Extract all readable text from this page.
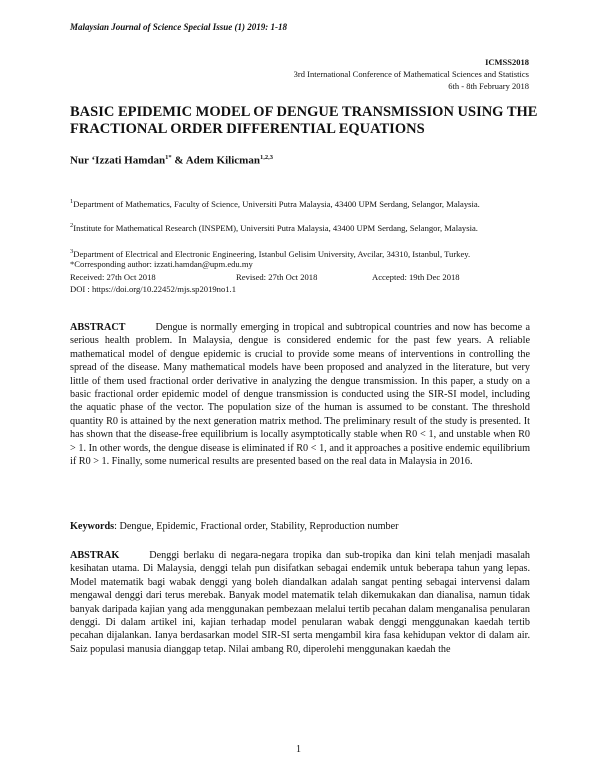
Malaysian Journal of Science Special Issue (1) 2019: 1-18
ICMSS2018
3rd International Conference of Mathematical Sciences and Statistics
6th - 8th February 2018
BASIC EPIDEMIC MODEL OF DENGUE TRANSMISSION USING THE FRACTIONAL ORDER DIFFERENTIAL EQUATIONS
Nur ‘Izzati Hamdan$^{1*}$ & Adem Kilicman$^{1,2,3}$
$^1$Department of Mathematics, Faculty of Science, Universiti Putra Malaysia, 43400 UPM Serdang, Selangor, Malaysia.
$^2$Institute for Mathematical Research (INSPEM), Universiti Putra Malaysia, 43400 UPM Serdang, Selangor, Malaysia.
$^3$Department of Electrical and Electronic Engineering, Istanbul Gelisim University, Avcilar, 34310, Istanbul, Turkey.
*Corresponding author: izzati.hamdan@upm.edu.my
Received: 27th Oct 2018	Revised: 27th Oct 2018	Accepted: 19th Dec 2018
DOI : https://doi.org/10.22452/mjs.sp2019no1.1
ABSTRACT	Dengue is normally emerging in tropical and subtropical countries and now has become a serious health problem. In Malaysia, dengue is considered endemic for the past few years. A reliable mathematical model of dengue epidemic is crucial to provide some means of interventions in controlling the spread of the disease. Many mathematical models have been proposed and analyzed in the literature, but very little of them used fractional order derivative in analyzing the dengue transmission. In this paper, a study on a basic fractional order epidemic model of dengue transmission is conducted using the SIR-SI model, including the aquatic phase of the vector. The population size of the human is assumed to be constant. The threshold quantity R0 is attained by the next generation matrix method. The preliminary result of the study is presented. It has shown that the disease-free equilibrium is locally asymptotically stable when R0 < 1, and unstable when R0 > 1. In other words, the dengue disease is eliminated if R0 < 1, and it approaches a positive endemic equilibrium if R0 > 1. Finally, some numerical results are presented based on the real data in Malaysia in 2016.
Keywords: Dengue, Epidemic, Fractional order, Stability, Reproduction number
ABSTRAK	Denggi berlaku di negara-negara tropika dan sub-tropika dan kini telah menjadi masalah kesihatan utama. Di Malaysia, denggi telah pun disifatkan sebagai endemik untuk beberapa tahun yang lepas. Model matematik bagi wabak denggi yang boleh diandalkan adalah sangat penting sebagai intervensi dalam mengawal denggi dari terus merebak. Banyak model matematik telah dikemukakan dan dianalisa, namun tidak banyak daripada kajian yang ada menggunakan pembezaan melalui tertib pecahan dalam menganalisa penularan denggi. Di dalam artikel ini, kajian terhadap model penularan wabak denggi menggunakan kaedah tertib pecahan dijalankan. Ianya berdasarkan model SIR-SI serta mengambil kira fasa kehidupan vektor di dalam air. Saiz populasi manusia dianggap tetap. Nilai ambang R0, diperolehi menggunakan kaedah the
1
